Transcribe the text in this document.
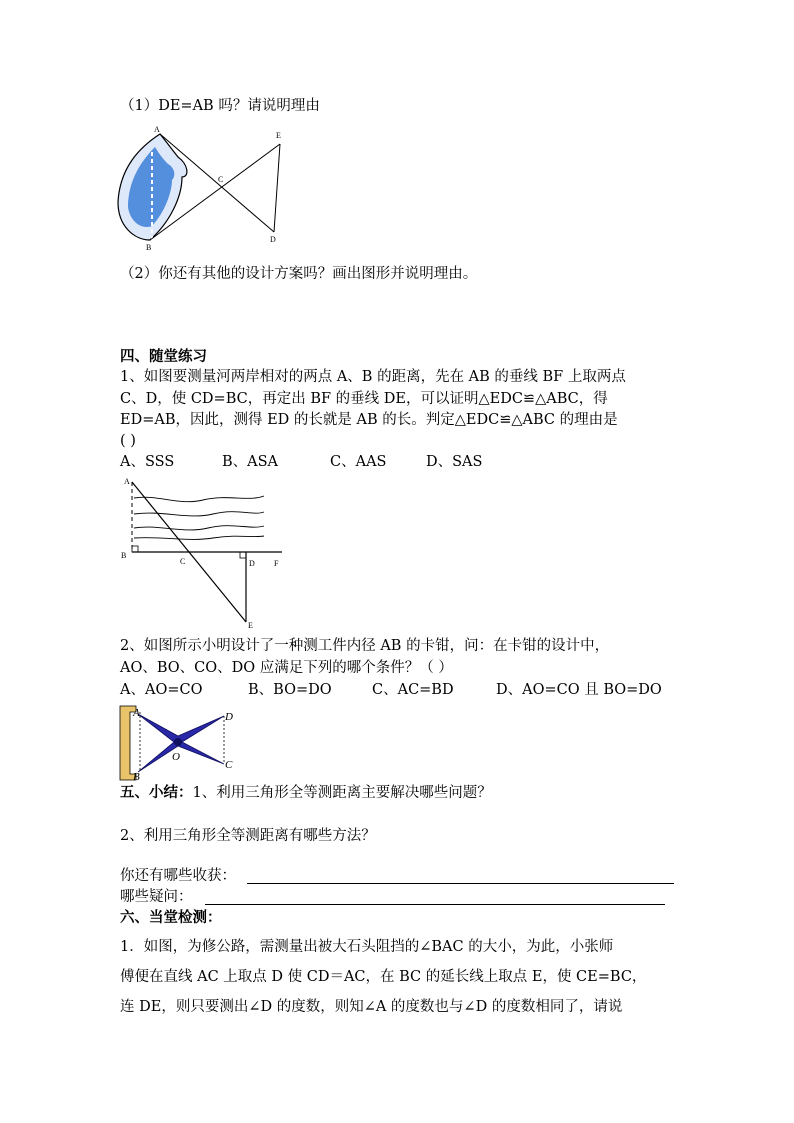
（1）DE=AB 吗？请说明理由
A
B
C
D
E
（2）你还有其他的设计方案吗？画出图形并说明理由。
四、随堂练习
1、如图要测量河两岸相对的两点 A、B 的距离，先在 AB 的垂线 BF 上取两点
C、D，使 CD=BC，再定出 BF 的垂线 DE，可以证明△EDC≌△ABC，得
ED=AB，因此，测得 ED 的长就是 AB 的长。判定△EDC≌△ABC 的理由是
( )
A、SSS	B、ASA	C、AAS	D、SAS
A
B
C	D
E
F
2、如图所示小明设计了一种测工件内径 AB 的卡钳，问：在卡钳的设计中，
AO、BO、CO、DO 应满足下列的哪个条件？（ ）
A、AO=CO	B、BO=DO	C、AC=BD	D、AO=CO 且 BO=DO
A
B
C
D
O
五、小结：1、利用三角形全等测距离主要解决哪些问题？
2、利用三角形全等测距离有哪些方法？
你还有哪些收获：
哪些疑问：
六、当堂检测：
1．如图，为修公路，需测量出被大石头阻挡的∠BAC 的大小，为此，小张师
傅便在直线 AC 上取点 D 使 CD＝AC，在 BC 的延长线上取点 E，使 CE=BC，
连 DE，则只要测出∠D 的度数，则知∠A 的度数也与∠D 的度数相同了，请说
